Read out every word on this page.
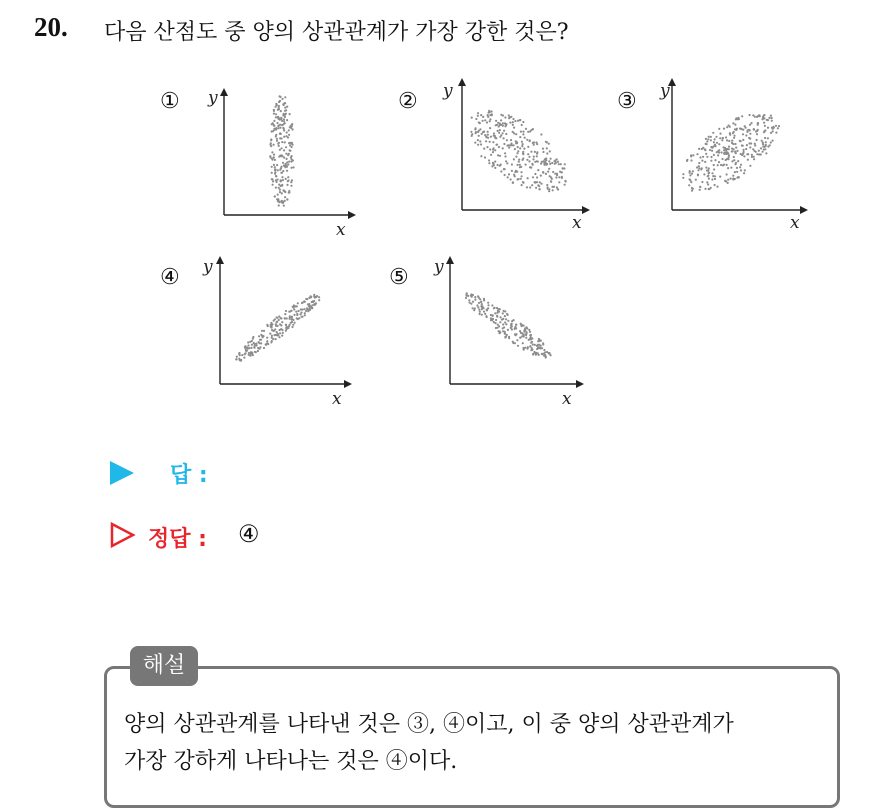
20. 다음 산점도 중 양의 상관관계가 가장 강한 것은?
① y
x
② y
x
③ y
x
④ y
x
⑤ y
x
답 :
정답 : ④
해설
양의 상관관계를 나타낸 것은 ③, ④이고, 이 중 양의 상관관계가
가장 강하게 나타나는 것은 ④이다.
